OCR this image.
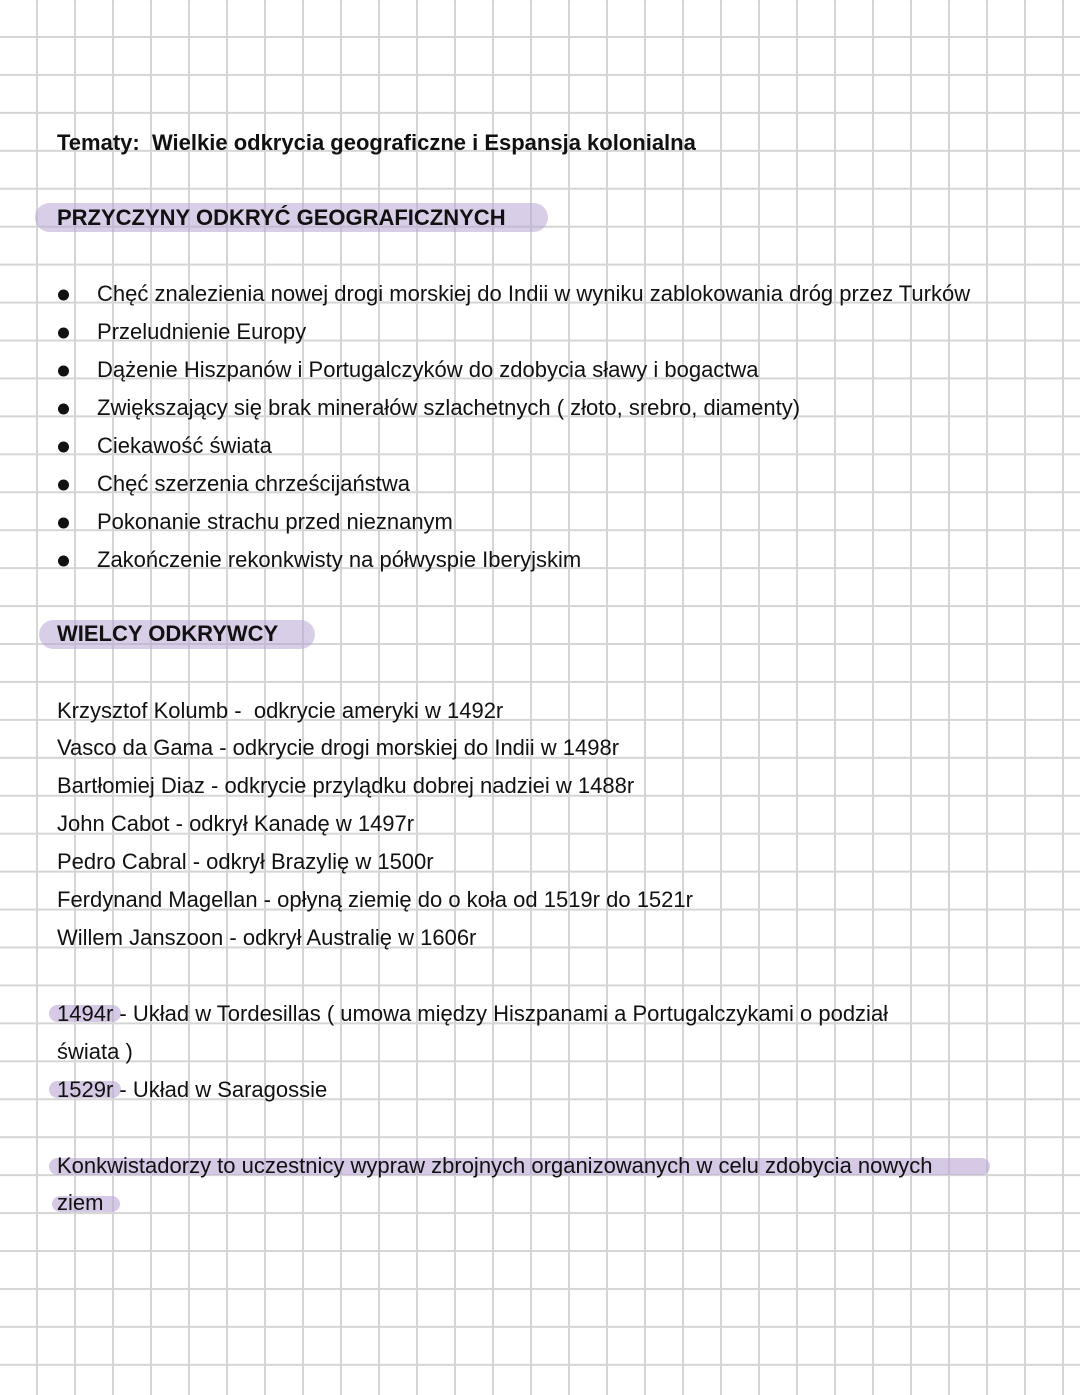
Tematy: Wielkie odkrycia geograficzne i Espansja kolonialna
PRZYCZYNY ODKRYĆ GEOGRAFICZNYCH
Chęć znalezienia nowej drogi morskiej do Indii w wyniku zablokowania dróg przez Turków
Przeludnienie Europy
Dążenie Hiszpanów i Portugalczyków do zdobycia sławy i bogactwa
Zwiększający się brak minerałów szlachetnych ( złoto, srebro, diamenty)
Ciekawość świata
Chęć szerzenia chrześcijaństwa
Pokonanie strachu przed nieznanym
Zakończenie rekonkwisty na półwyspie Iberyjskim
WIELCY ODKRYWCY
Krzysztof Kolumb -  odkrycie ameryki w 1492r
Vasco da Gama - odkrycie drogi morskiej do Indii w 1498r
Bartłomiej Diaz - odkrycie przylądku dobrej nadziei w 1488r
John Cabot - odkrył Kanadę w 1497r
Pedro Cabral - odkrył Brazylię w 1500r
Ferdynand Magellan - opłyną ziemię do o koła od 1519r do 1521r
Willem Janszoon - odkrył Australię w 1606r
1494r - Układ w Tordesillas ( umowa między Hiszpanami a Portugalczykami o podział
świata )
1529r - Układ w Saragossie
Konkwistadorzy to uczestnicy wypraw zbrojnych organizowanych w celu zdobycia nowych
ziem
